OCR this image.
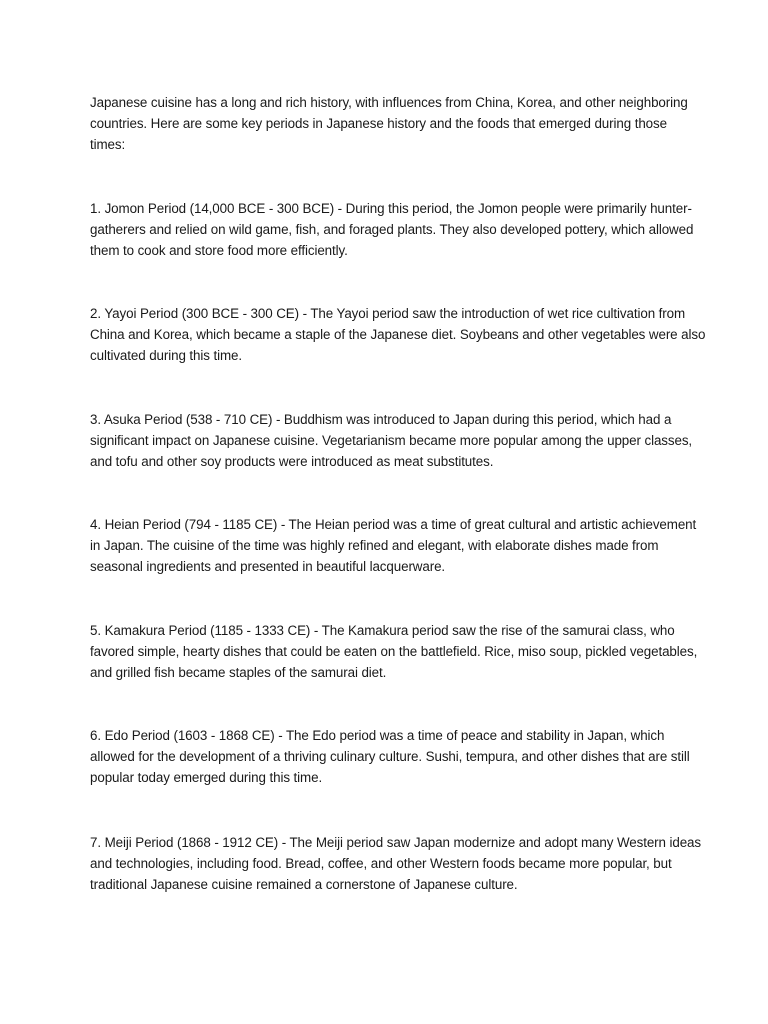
Japanese cuisine has a long and rich history, with influences from China, Korea, and other neighboring
countries. Here are some key periods in Japanese history and the foods that emerged during those
times:

1. Jomon Period (14,000 BCE - 300 BCE) - During this period, the Jomon people were primarily hunter-
gatherers and relied on wild game, fish, and foraged plants. They also developed pottery, which allowed
them to cook and store food more efficiently.

2. Yayoi Period (300 BCE - 300 CE) - The Yayoi period saw the introduction of wet rice cultivation from
China and Korea, which became a staple of the Japanese diet. Soybeans and other vegetables were also
cultivated during this time.

3. Asuka Period (538 - 710 CE) - Buddhism was introduced to Japan during this period, which had a
significant impact on Japanese cuisine. Vegetarianism became more popular among the upper classes,
and tofu and other soy products were introduced as meat substitutes.

4. Heian Period (794 - 1185 CE) - The Heian period was a time of great cultural and artistic achievement
in Japan. The cuisine of the time was highly refined and elegant, with elaborate dishes made from
seasonal ingredients and presented in beautiful lacquerware.

5. Kamakura Period (1185 - 1333 CE) - The Kamakura period saw the rise of the samurai class, who
favored simple, hearty dishes that could be eaten on the battlefield. Rice, miso soup, pickled vegetables,
and grilled fish became staples of the samurai diet.

6. Edo Period (1603 - 1868 CE) - The Edo period was a time of peace and stability in Japan, which
allowed for the development of a thriving culinary culture. Sushi, tempura, and other dishes that are still
popular today emerged during this time.

7. Meiji Period (1868 - 1912 CE) - The Meiji period saw Japan modernize and adopt many Western ideas
and technologies, including food. Bread, coffee, and other Western foods became more popular, but
traditional Japanese cuisine remained a cornerstone of Japanese culture.
